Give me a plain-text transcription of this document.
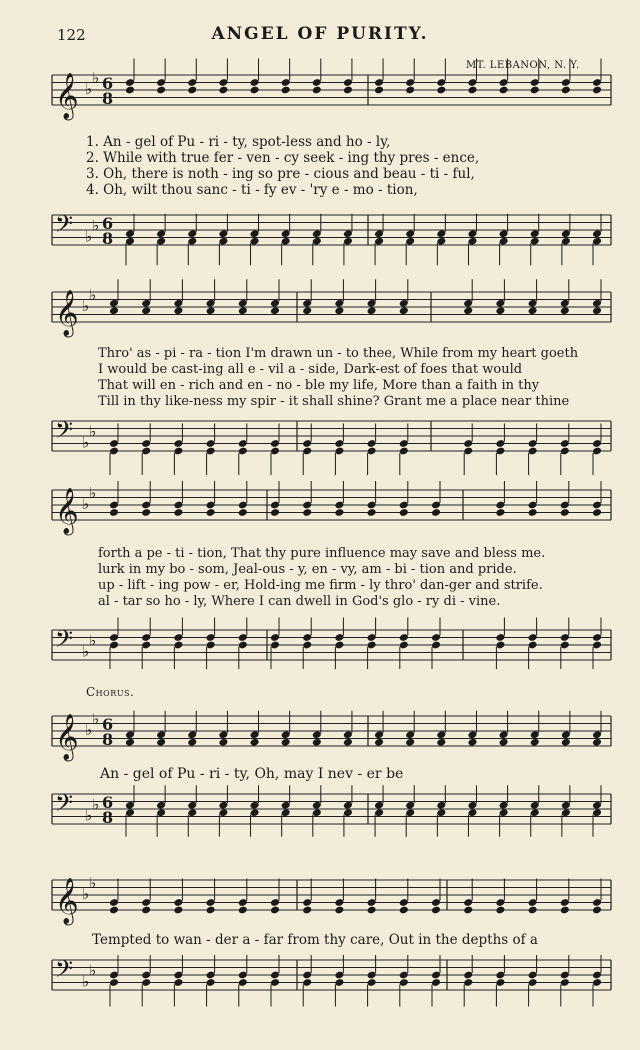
122	ANGEL OF PURITY.
MT. LEBANON, N. Y.
𝄞 ♭
♭ 6
8
𝄢 ♭
♭ 6
8
𝄞 ♭
♭
𝄢 ♭
♭
𝄞 ♭
♭
𝄢 ♭
♭
𝄞 ♭
♭ 6
8
𝄢 ♭
♭ 6
8
𝄞 ♭
♭
𝄢 ♭
♭
1. An - gel of Pu - ri - ty, spot-less and ho - ly,
2. While with true fer - ven - cy seek - ing thy pres - ence,
3. Oh, there is noth - ing so pre - cious and beau - ti - ful,
4. Oh, wilt thou sanc - ti - fy ev - 'ry e - mo - tion,
Thro' as - pi - ra - tion I'm drawn un - to thee, While from my heart goeth
I would be cast-ing all e - vil a - side, Dark-est of foes that would
That will en - rich and en - no - ble my life, More than a faith in thy
Till in thy like-ness my spir - it shall shine? Grant me a place near thine
forth a pe - ti - tion, That thy pure influence may save and bless me.
lurk in my bo - som, Jeal-ous - y, en - vy, am - bi - tion and pride.
up - lift - ing pow - er, Hold-ing me firm - ly thro' dan-ger and strife.
al - tar so ho - ly, Where I can dwell in God's glo - ry di - vine.
Chorus.
An - gel of Pu - ri - ty, Oh, may I nev - er be
Tempted to wan - der a - far from thy care, Out in the depths of a
